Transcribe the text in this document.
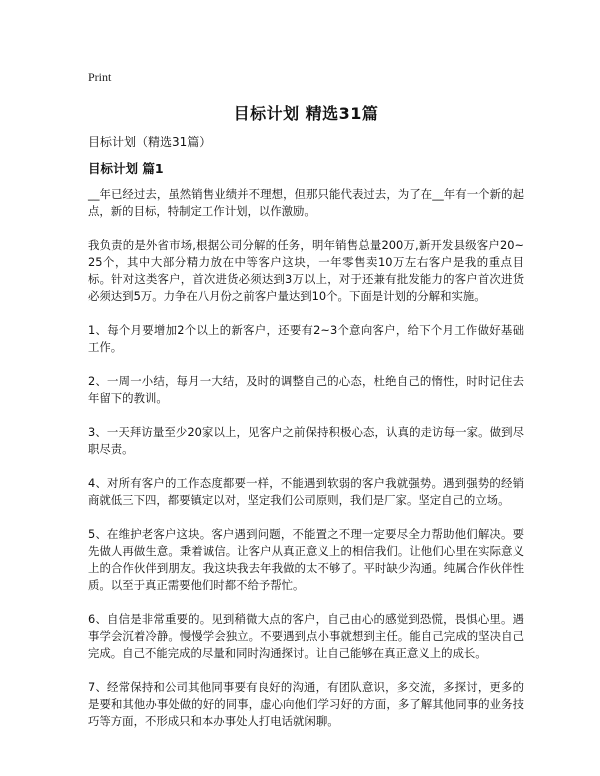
Print
目标计划 精选31篇
目标计划（精选31篇）
目标计划 篇1

__年已经过去，虽然销售业绩并不理想，但那只能代表过去，为了在__年有一个新的起点，新的目标，特制定工作计划，以作激励。

我负责的是外省市场,根据公司分解的任务，明年销售总量200万,新开发县级客户20~25个，其中大部分精力放在中等客户这块，一年零售卖10万左右客户是我的重点目标。针对这类客户，首次进货必须达到3万以上，对于还兼有批发能力的客户首次进货必须达到5万。力争在八月份之前客户量达到10个。下面是计划的分解和实施。

1、每个月要增加2个以上的新客户，还要有2~3个意向客户，给下个月工作做好基础工作。

2、一周一小结，每月一大结，及时的调整自己的心态，杜绝自己的惰性，时时记住去年留下的教训。

3、一天拜访量至少20家以上，见客户之前保持积极心态，认真的走访每一家。做到尽职尽责。

4、对所有客户的工作态度都要一样，不能遇到软弱的客户我就强势。遇到强势的经销商就低三下四，都要镇定以对，坚定我们公司原则，我们是厂家。坚定自己的立场。

5、在维护老客户这块。客户遇到问题，不能置之不理一定要尽全力帮助他们解决。要先做人再做生意。秉着诚信。让客户从真正意义上的相信我们。让他们心里在实际意义上的合作伙伴到朋友。我这块我去年我做的太不够了。平时缺少沟通。纯属合作伙伴性质。以至于真正需要他们时都不给予帮忙。

6、自信是非常重要的。见到稍微大点的客户，自己由心的感觉到恐慌，畏惧心里。遇事学会沉着冷静。慢慢学会独立。不要遇到点小事就想到主任。能自己完成的坚决自己完成。自己不能完成的尽量和同时沟通探讨。让自己能够在真正意义上的成长。

7、经常保持和公司其他同事要有良好的沟通，有团队意识，多交流，多探讨，更多的是要和其他办事处做的好的同事，虚心向他们学习好的方面，多了解其他同事的业务技巧等方面，不形成只和本办事处人打电话就闲聊。
